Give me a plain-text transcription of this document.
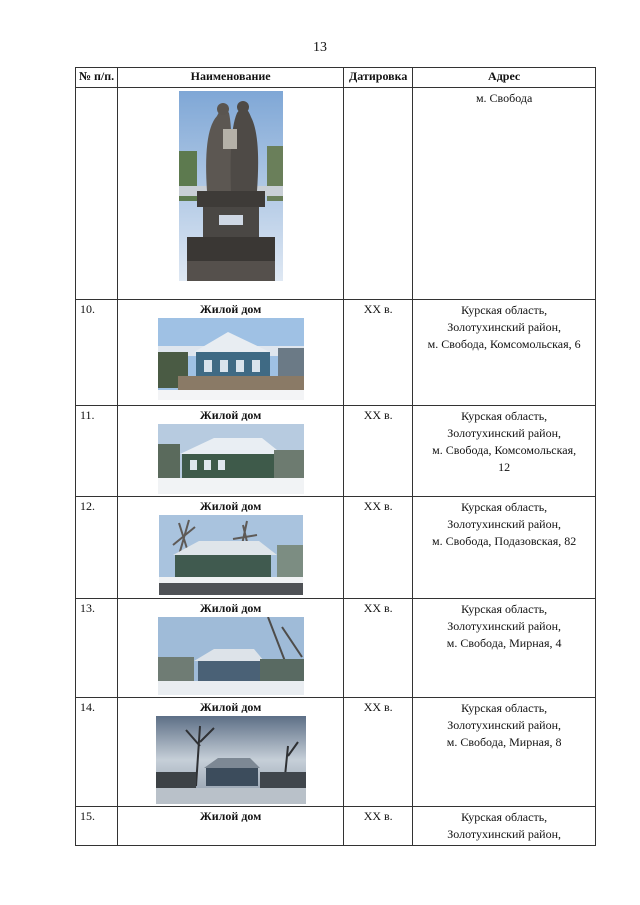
13
№ п/п.	Наименование	Датировка	Адрес

м. Свобода

10.	Жилой дом	XX в.	Курская область,
Золотухинский район,
м. Свобода, Комсомольская, 6

11.	Жилой дом	XX в.	Курская область,
Золотухинский район,
м. Свобода, Комсомольская,
12

12.	Жилой дом	XX в.	Курская область,
Золотухинский район,
м. Свобода, Подазовская, 82

13.	Жилой дом	XX в.	Курская область,
Золотухинский район,
м. Свобода, Мирная, 4

14.	Жилой дом	XX в.	Курская область,
Золотухинский район,
м. Свобода, Мирная, 8

15.	Жилой дом	XX в.	Курская область,
Золотухинский район,
